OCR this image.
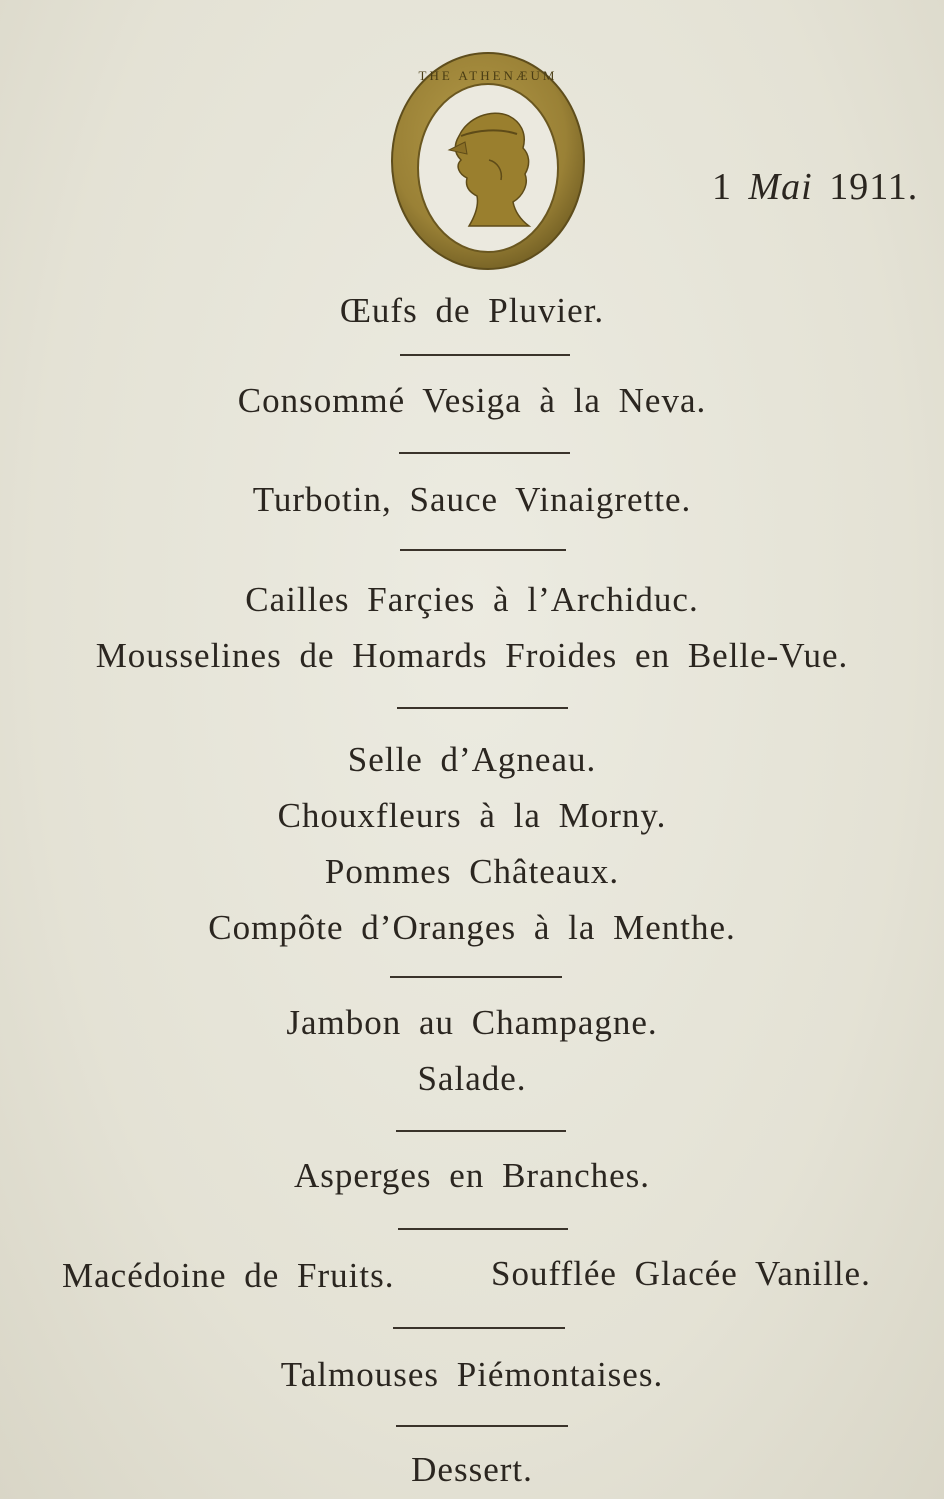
THE ATHENÆUM
1 Mai 1911.
Œufs de Pluvier.
Consommé Vesiga à la Neva.
Turbotin, Sauce Vinaigrette.
Cailles Farçies à l’Archiduc.
Mousselines de Homards Froides en Belle-Vue.
Selle d’Agneau.
Chouxfleurs à la Morny.
Pommes Châteaux.
Compôte d’Oranges à la Menthe.
Jambon au Champagne.
Salade.
Asperges en Branches.
Macédoine de Fruits.	Soufflée Glacée Vanille.
Talmouses Piémontaises.
Dessert.
